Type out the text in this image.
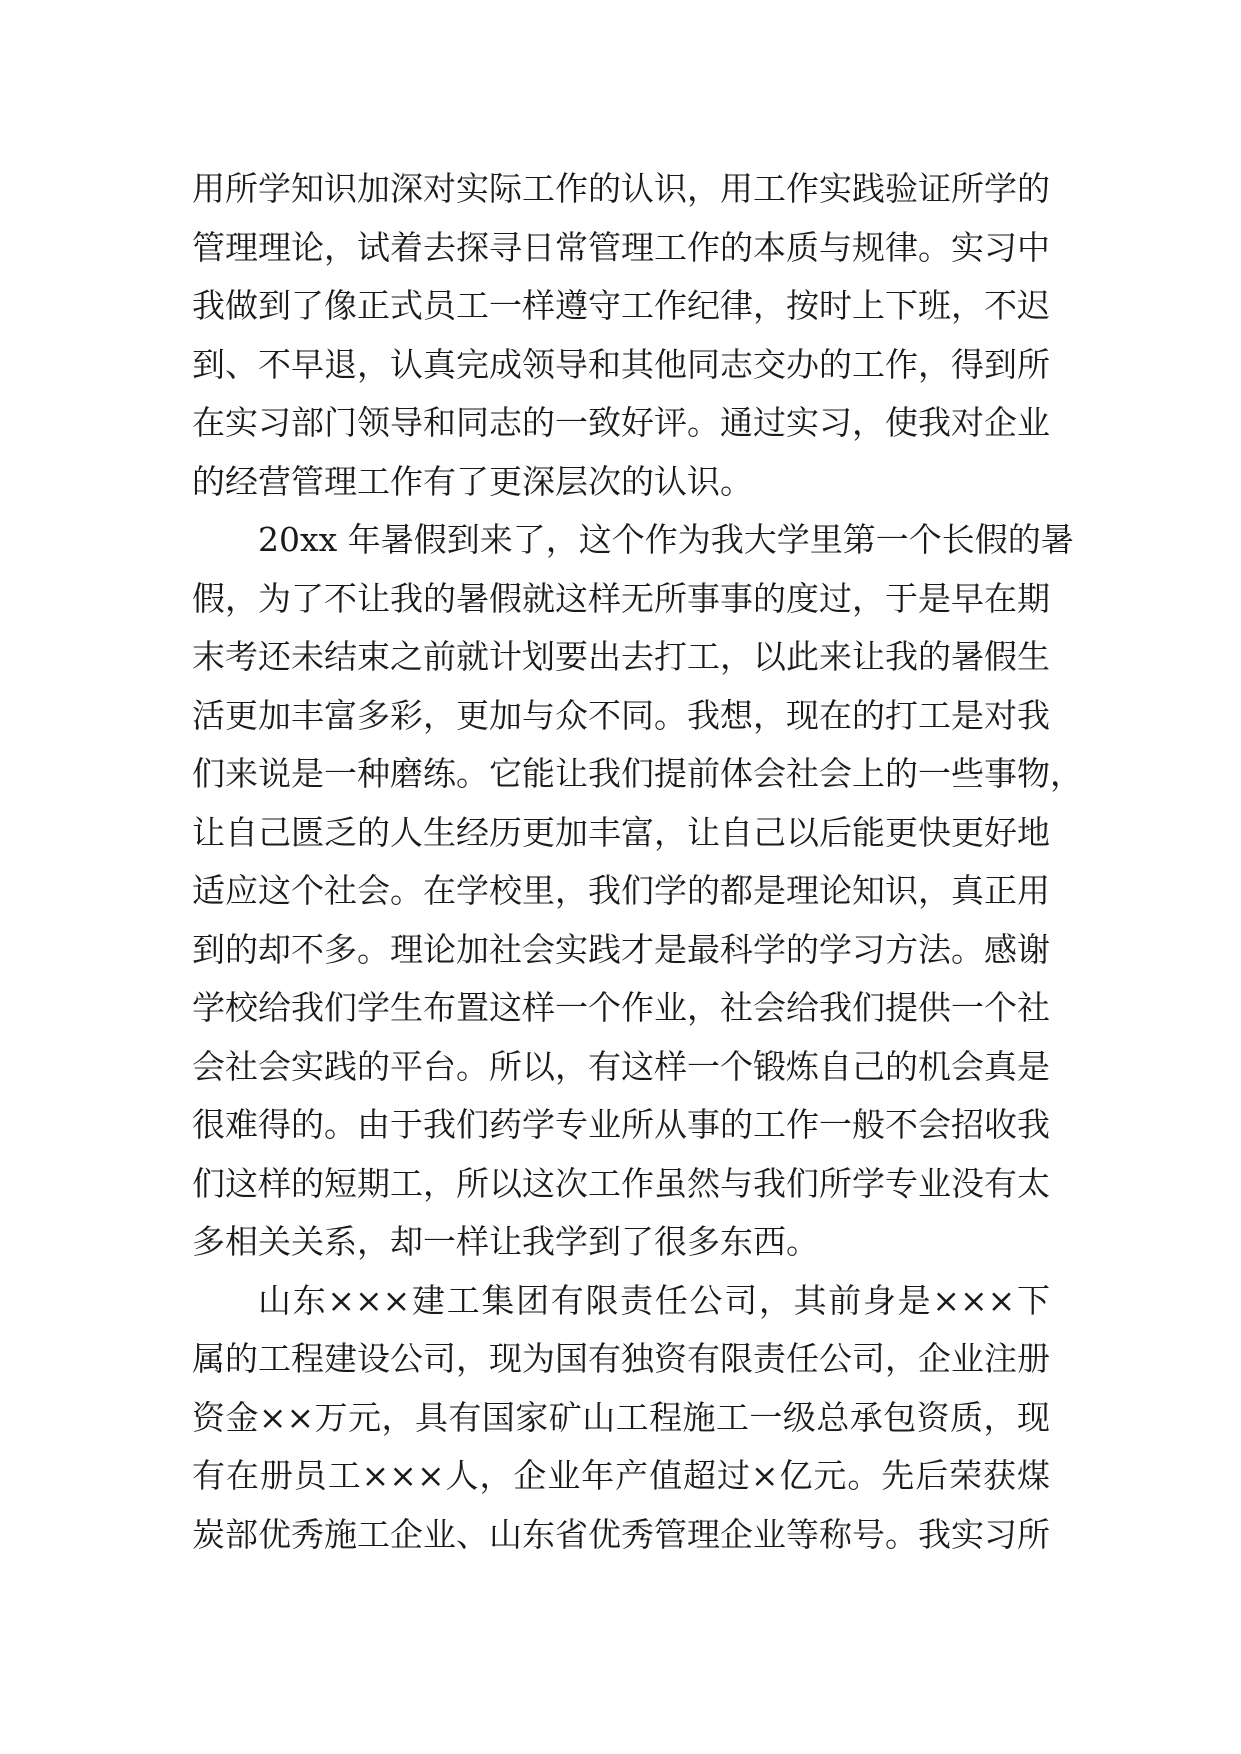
用所学知识加深对实际工作的认识，用工作实践验证所学的
管理理论，试着去探寻日常管理工作的本质与规律。实习中
我做到了像正式员工一样遵守工作纪律，按时上下班，不迟
到、不早退，认真完成领导和其他同志交办的工作，得到所
在实习部门领导和同志的一致好评。通过实习，使我对企业
的经营管理工作有了更深层次的认识。
20xx 年暑假到来了，这个作为我大学里第一个长假的暑
假，为了不让我的暑假就这样无所事事的度过，于是早在期
末考还未结束之前就计划要出去打工，以此来让我的暑假生
活更加丰富多彩，更加与众不同。我想，现在的打工是对我
们来说是一种磨练。它能让我们提前体会社会上的一些事物，
让自己匮乏的人生经历更加丰富，让自己以后能更快更好地
适应这个社会。在学校里，我们学的都是理论知识，真正用
到的却不多。理论加社会实践才是最科学的学习方法。感谢
学校给我们学生布置这样一个作业，社会给我们提供一个社
会社会实践的平台。所以，有这样一个锻炼自己的机会真是
很难得的。由于我们药学专业所从事的工作一般不会招收我
们这样的短期工，所以这次工作虽然与我们所学专业没有太
多相关关系，却一样让我学到了很多东西。
山东×××建工集团有限责任公司，其前身是×××下
属的工程建设公司，现为国有独资有限责任公司，企业注册
资金××万元，具有国家矿山工程施工一级总承包资质，现
有在册员工×××人，企业年产值超过×亿元。先后荣获煤
炭部优秀施工企业、山东省优秀管理企业等称号。我实习所
